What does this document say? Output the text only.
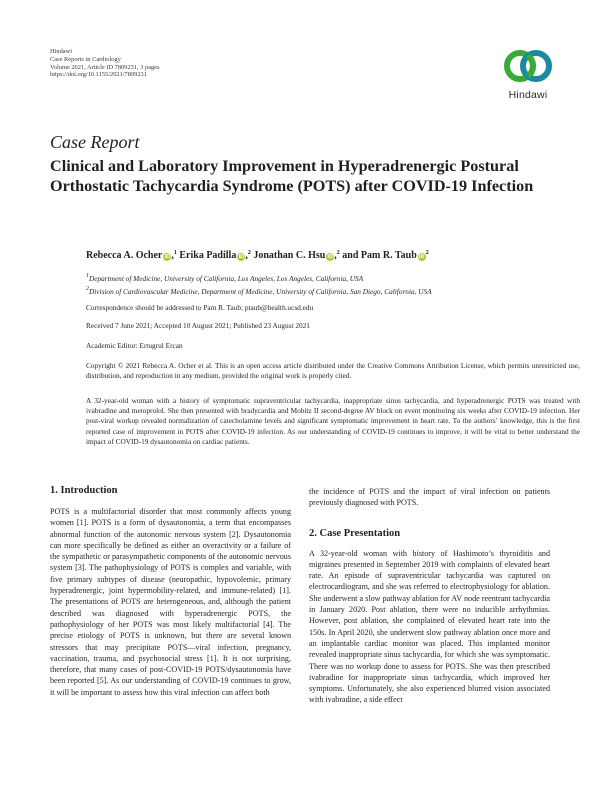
Hindawi
Case Reports in Cardiology
Volume 2021, Article ID 7809231, 3 pages
https://doi.org/10.1155/2021/7809231
Hindawi
Case Report
Clinical and Laboratory Improvement in Hyperadrenergic Postural Orthostatic Tachycardia Syndrome (POTS) after COVID-19 Infection
Rebecca A. Ocher iD,$^1$ Erika Padilla iD,$^2$ Jonathan C. Hsu iD,$^2$ and Pam R. Taub $iD^2$
$^1$Department of Medicine, University of California, Los Angeles, Los Angeles, California, USA
$^2$Division of Cardiovascular Medicine, Department of Medicine, University of California, San Diego, California, USA
Correspondence should be addressed to Pam R. Taub; ptaub@health.ucsd.edu
Received 7 June 2021; Accepted 10 August 2021; Published 23 August 2021
Academic Editor: Ertugrul Ercan
Copyright © 2021 Rebecca A. Ocher et al. This is an open access article distributed under the Creative Commons Attribution License, which permits unrestricted use, distribution, and reproduction in any medium, provided the original work is properly cited.
A 32-year-old woman with a history of symptomatic supraventricular tachycardia, inappropriate sinus tachycardia, and hyperadrenergic POTS was treated with ivabradine and metoprolol. She then presented with bradycardia and Mobitz II second-degree AV block on event monitoring six weeks after COVID-19 infection. Her post-viral workup revealed normalization of catecholamine levels and significant symptomatic improvement in heart rate. To the authors’ knowledge, this is the first reported case of improvement in POTS after COVID-19 infection. As our understanding of COVID-19 continues to improve, it will be vital to better understand the impact of COVID-19 dysautonomia on cardiac patients.
1. Introduction

POTS is a multifactorial disorder that most commonly affects young women [1]. POTS is a form of dysautonomia, a term that encompasses abnormal function of the autonomic nervous system [2]. Dysautonomia can more specifically be defined as either an overactivity or a failure of the sympathetic or parasympathetic components of the autonomic nervous system [3]. The pathophysiology of POTS is complex and variable, with five primary subtypes of disease (neuropathic, hypovolemic, primary hyperadrenergic, joint hypermobility-related, and immune-related) [1]. The presentations of POTS are heterogeneous, and, although the patient described was diagnosed with hyperadrenergic POTS, the pathophysiology of her POTS was most likely multifactorial [4]. The precise etiology of POTS is unknown, but there are several known stressors that may precipitate POTS—viral infection, pregnancy, vaccination, trauma, and psychosocial stress [1]. It is not surprising, therefore, that many cases of post-COVID-19 POTS/dysautonomia have been reported [5]. As our understanding of COVID-19 continues to grow, it will be important to assess how this viral infection can affect both

the incidence of POTS and the impact of viral infection on patients previously diagnosed with POTS.

2. Case Presentation

A 32-year-old woman with history of Hashimoto’s thyroiditis and migraines presented in September 2019 with complaints of elevated heart rate. An episode of supraventricular tachycardia was captured on electrocardiogram, and she was referred to electrophysiology for ablation. She underwent a slow pathway ablation for AV node reentrant tachycardia in January 2020. Post ablation, there were no inducible arrhythmias. However, post ablation, she complained of elevated heart rate into the 150s. In April 2020, she underwent slow pathway ablation once more and an implantable cardiac monitor was placed. This implanted monitor revealed inappropriate sinus tachycardia, for which she was symptomatic. There was no workup done to assess for POTS. She was then prescribed ivabradine for inappropriate sinus tachycardia, which improved her symptoms. Unfortunately, she also experienced blurred vision associated with ivabradine, a side effect
